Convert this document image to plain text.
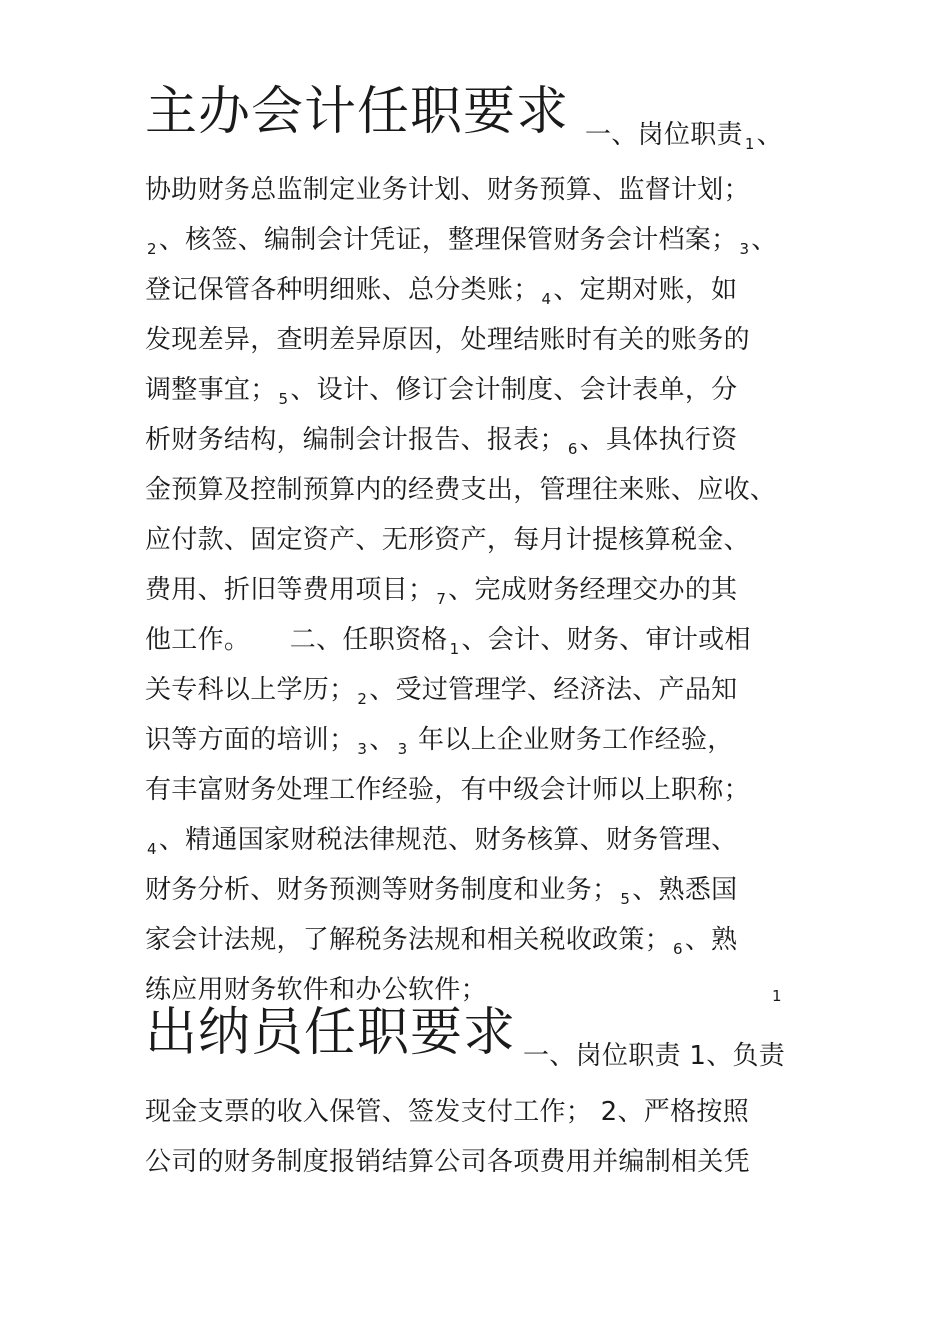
主办会计任职要求 一、岗位职责 $_1$、
协助财务总监制定业务计划、财务预算、监督计划；
$_2$、核签、编制会计凭证，整理保管财务会计档案； $_3$、
登记保管各种明细账、总分类账； $_4$、定期对账，如
发现差异，查明差异原因，处理结账时有关的账务的
调整事宜； $_5$、设计、修订会计制度、会计表单，分
析财务结构，编制会计报告、报表； $_6$、具体执行资
金预算及控制预算内的经费支出，管理往来账、应收、
应付款、固定资产、无形资产，每月计提核算税金、
费用、折旧等费用项目； $_7$、完成财务经理交办的其
他工作。　　二、任职资格 $_1$、会计、财务、审计或相
关专科以上学历； $_2$、受过管理学、经济法、产品知
识等方面的培训； $_3$、 $_3$ 年以上企业财务工作经验，
有丰富财务处理工作经验，有中级会计师以上职称；
$_4$、精通国家财税法律规范、财务核算、财务管理、
财务分析、财务预测等财务制度和业务； $_5$、熟悉国
家会计法规，了解税务法规和相关税收政策； $_6$、熟
练应用财务软件和办公软件；	1
出纳员任职要求 一、岗位职责 1、负责
现金支票的收入保管、签发支付工作； 2、严格按照
公司的财务制度报销结算公司各项费用并编制相关凭
